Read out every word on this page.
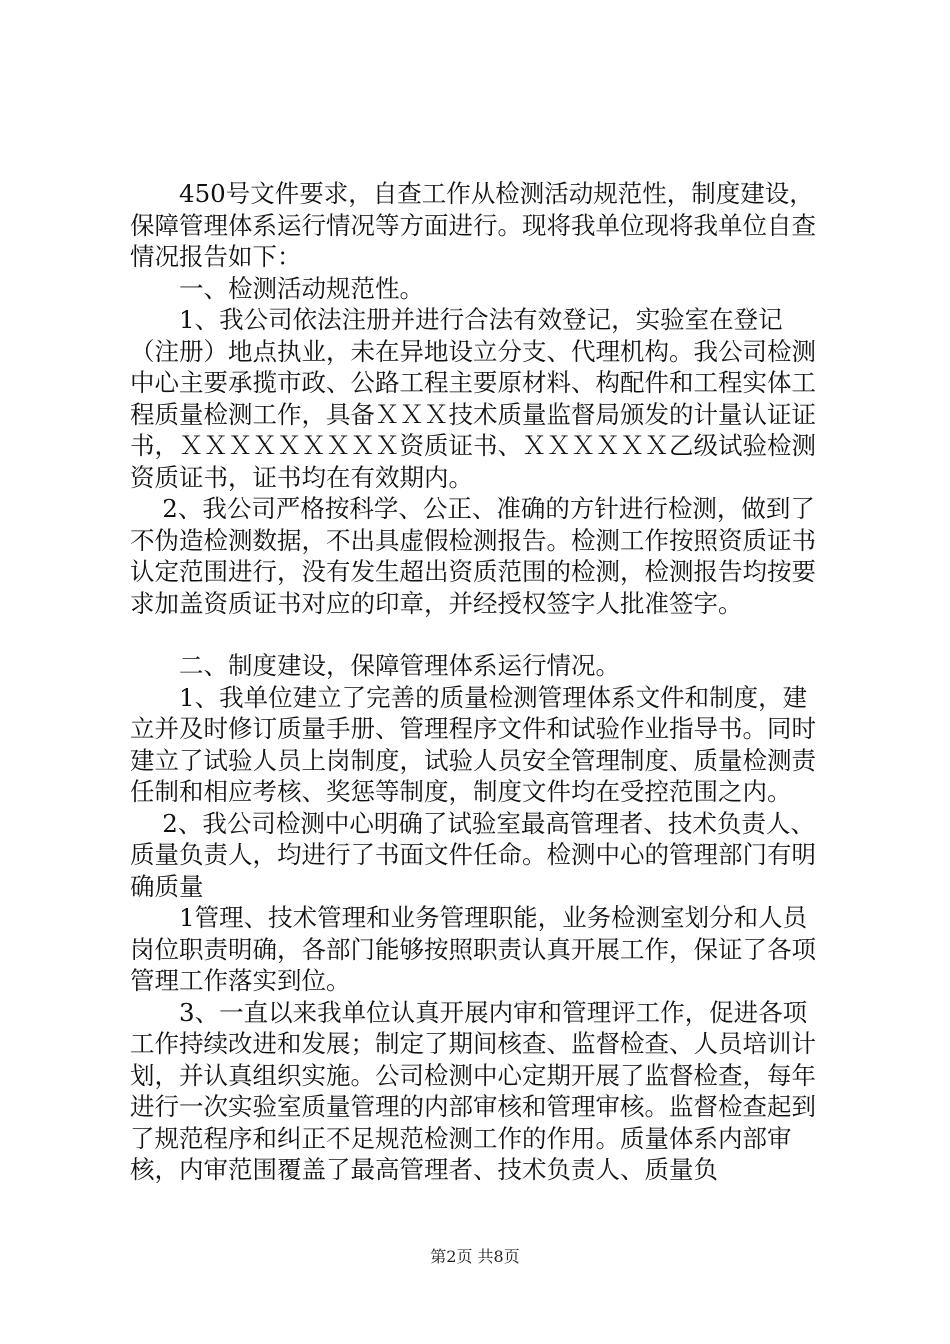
　　450号文件要求，自查工作从检测活动规范性，制度建设，保障管理体系运行情况等方面进行。现将我单位现将我单位自查情况报告如下：

　　一、检测活动规范性。

　　1、我公司依法注册并进行合法有效登记，实验室在登记（注册）地点执业，未在异地设立分支、代理机构。我公司检测中心主要承揽市政、公路工程主要原材料、构配件和工程实体工程质量检测工作，具备ＸＸＸ技术质量监督局颁发的计量认证证书，ＸＸＸＸＸＸＸＸＸ资质证书、ＸＸＸＸＸＸ乙级试验检测资质证书，证书均在有效期内。

　 2、我公司严格按科学、公正、准确的方针进行检测，做到了不伪造检测数据，不出具虚假检测报告。检测工作按照资质证书认定范围进行，没有发生超出资质范围的检测，检测报告均按要求加盖资质证书对应的印章，并经授权签字人批准签字。

　　二、制度建设，保障管理体系运行情况。

　　1、我单位建立了完善的质量检测管理体系文件和制度，建立并及时修订质量手册、管理程序文件和试验作业指导书。同时建立了试验人员上岗制度，试验人员安全管理制度、质量检测责任制和相应考核、奖惩等制度，制度文件均在受控范围之内。

　 2、我公司检测中心明确了试验室最高管理者、技术负责人、质量负责人，均进行了书面文件任命。检测中心的管理部门有明确质量

　　1管理、技术管理和业务管理职能，业务检测室划分和人员岗位职责明确，各部门能够按照职责认真开展工作，保证了各项管理工作落实到位。

　　3、一直以来我单位认真开展内审和管理评工作，促进各项工作持续改进和发展；制定了期间核查、监督检查、人员培训计划，并认真组织实施。公司检测中心定期开展了监督检查，每年进行一次实验室质量管理的内部审核和管理审核。监督检查起到了规范程序和纠正不足规范检测工作的作用。质量体系内部审核，内审范围覆盖了最高管理者、技术负责人、质量负

第2页 共8页
